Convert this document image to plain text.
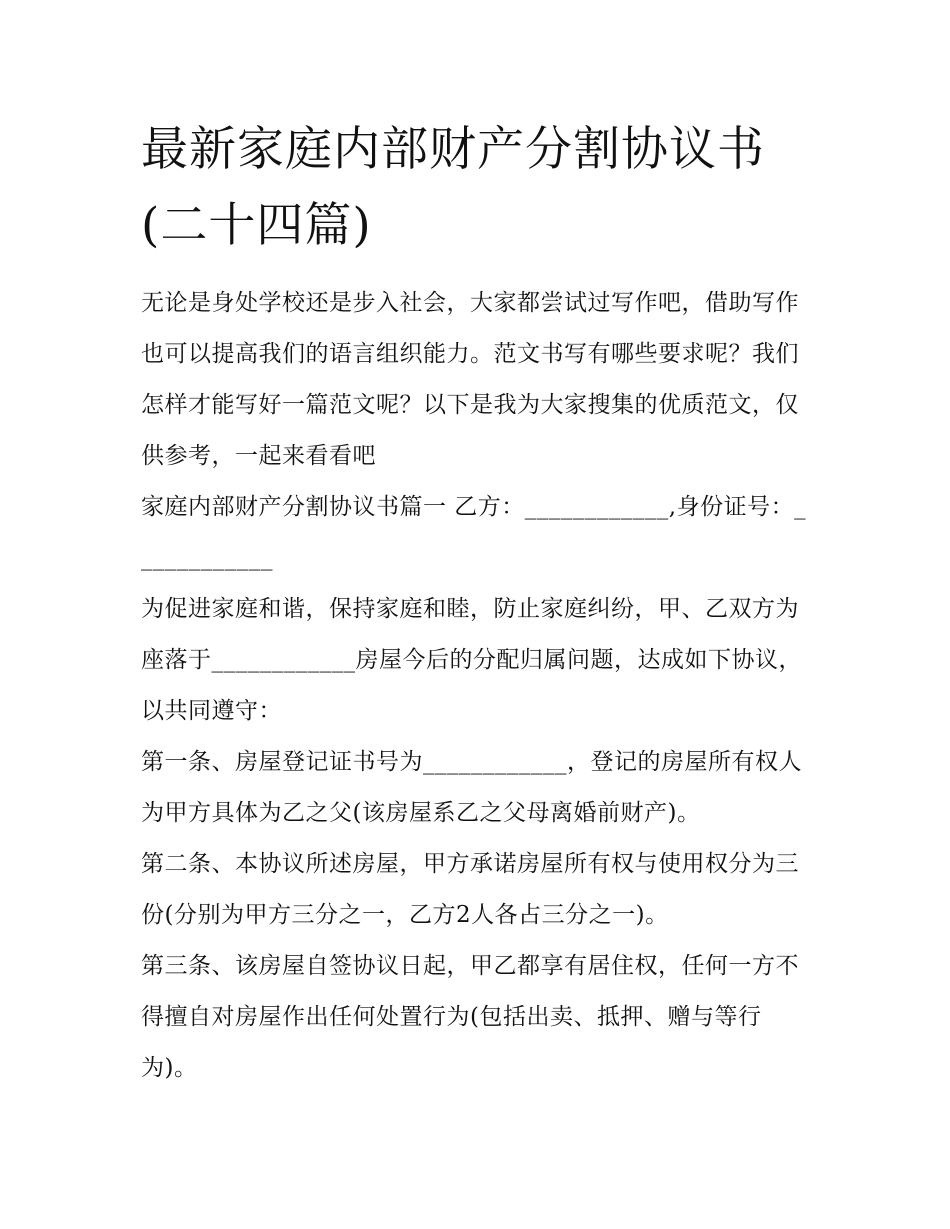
最新家庭内部财产分割协议书
(二十四篇)

无论是身处学校还是步入社会，大家都尝试过写作吧，借助写作也可以提高我们的语言组织能力。范文书写有哪些要求呢？我们怎样才能写好一篇范文呢？以下是我为大家搜集的优质范文，仅供参考，一起来看看吧

家庭内部财产分割协议书篇一 乙方：____________,身份证号：____________

为促进家庭和谐，保持家庭和睦，防止家庭纠纷，甲、乙双方为座落于____________房屋今后的分配归属问题，达成如下协议，以共同遵守：

第一条、房屋登记证书号为____________，登记的房屋所有权人为甲方具体为乙之父(该房屋系乙之父母离婚前财产)。

第二条、本协议所述房屋，甲方承诺房屋所有权与使用权分为三份(分别为甲方三分之一，乙方2人各占三分之一)。

第三条、该房屋自签协议日起，甲乙都享有居住权，任何一方不得擅自对房屋作出任何处置行为(包括出卖、抵押、赠与等行为)。
